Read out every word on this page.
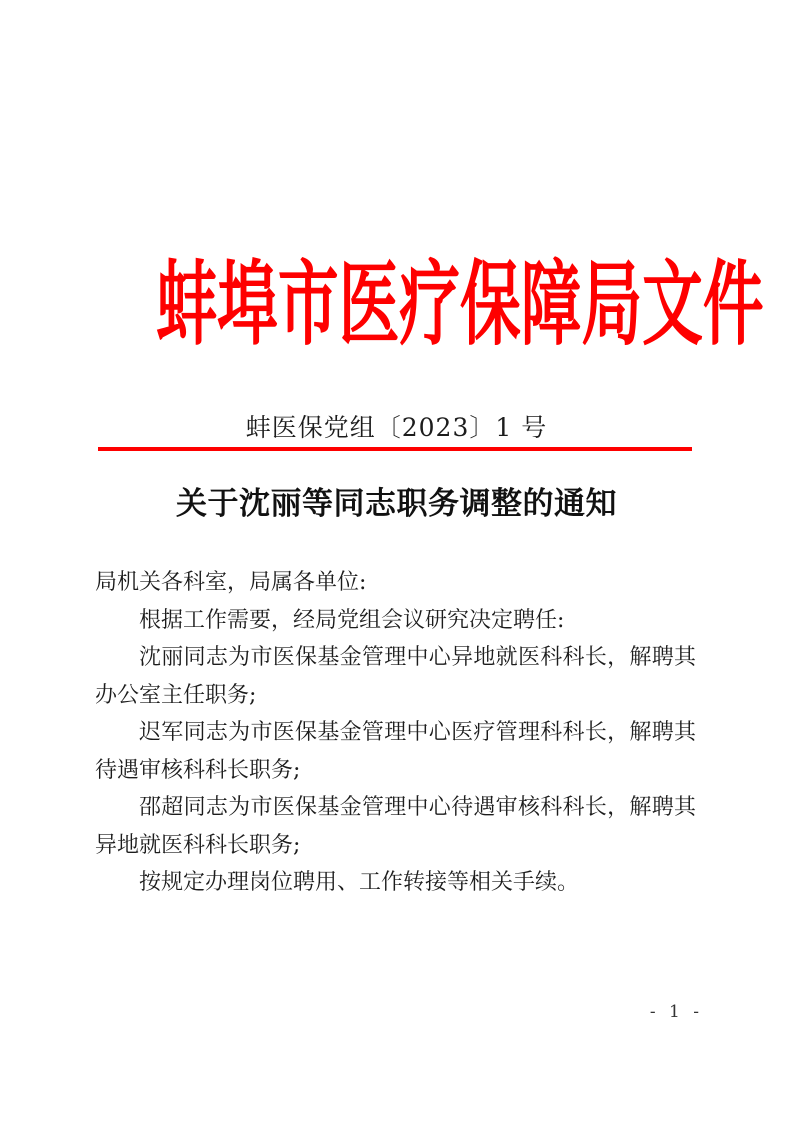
蚌埠市医疗保障局文件
蚌医保党组〔2023〕1 号
关于沈丽等同志职务调整的通知

局机关各科室，局属各单位:

根据工作需要，经局党组会议研究决定聘任:

沈丽同志为市医保基金管理中心异地就医科科长，解聘其办公室主任职务;

迟军同志为市医保基金管理中心医疗管理科科长，解聘其待遇审核科科长职务;

邵超同志为市医保基金管理中心待遇审核科科长，解聘其异地就医科科长职务;

按规定办理岗位聘用、工作转接等相关手续。

- 1 -
